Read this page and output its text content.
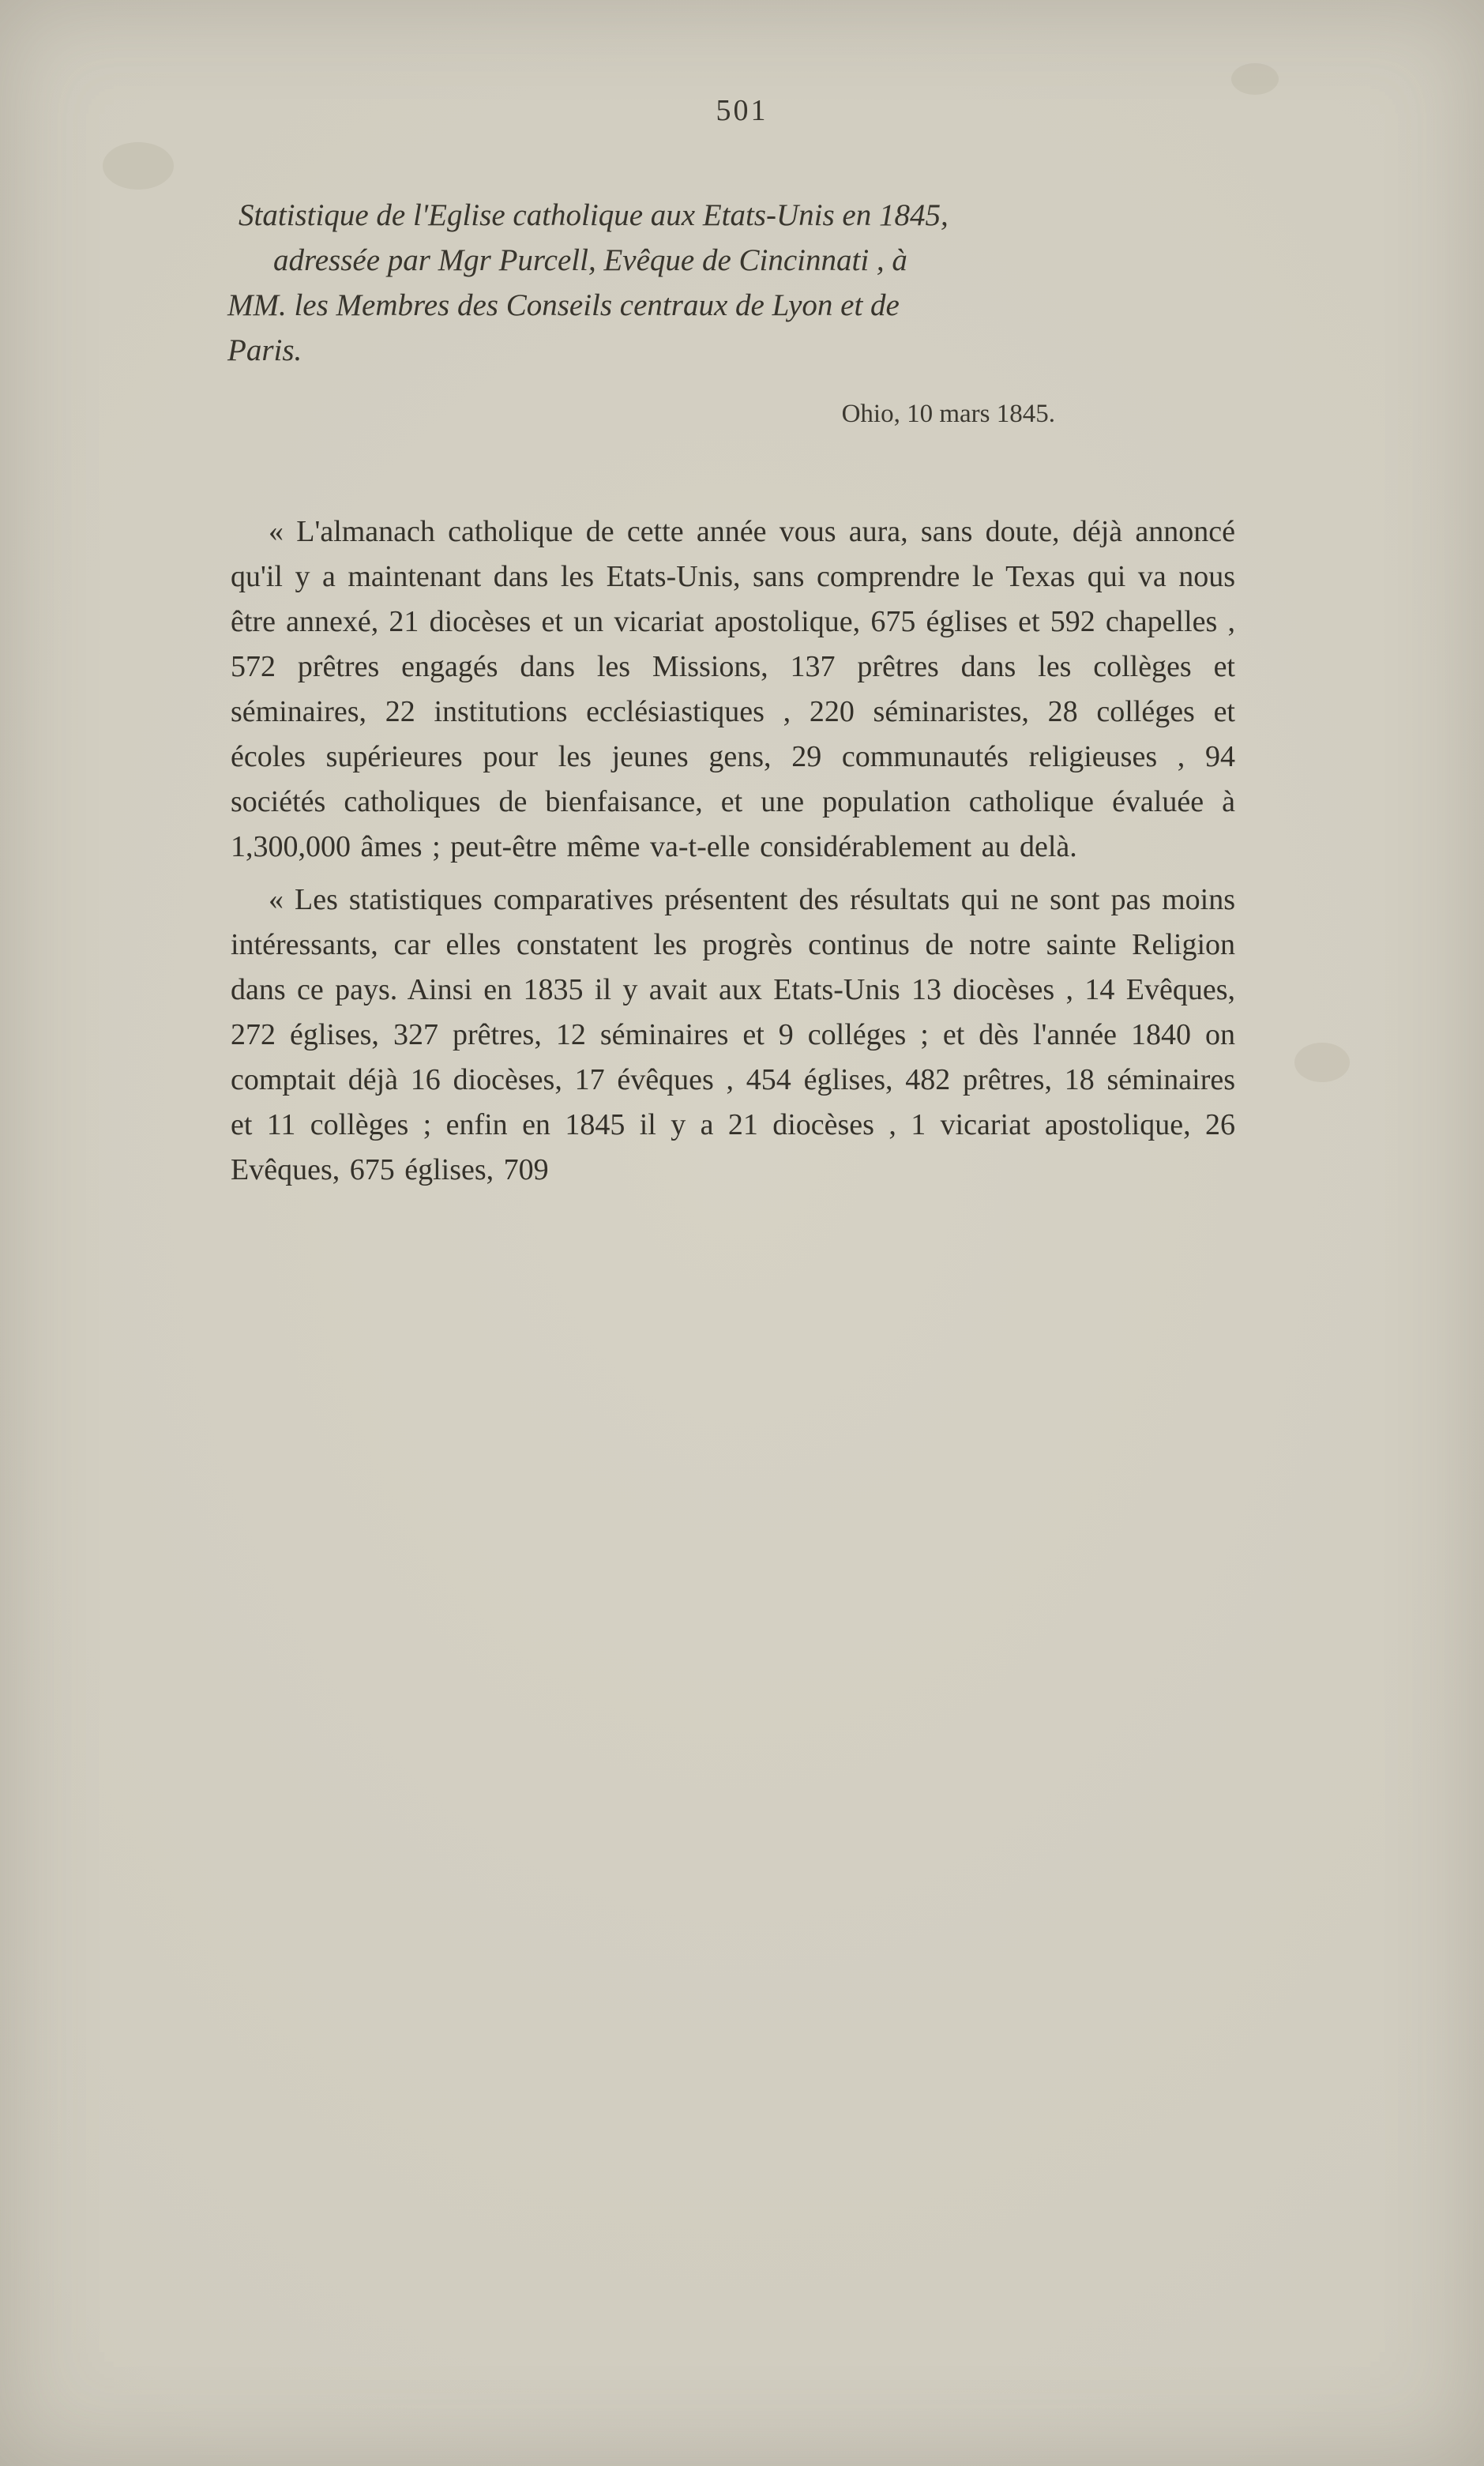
501
Statistique de l'Eglise catholique aux Etats-Unis en 1845,
adressée par Mgr Purcell, Evêque de Cincinnati , à
MM. les Membres des Conseils centraux de Lyon et de
Paris.
Ohio, 10 mars 1845.

« L'almanach catholique de cette année vous aura, sans doute, déjà annoncé qu'il y a maintenant dans les Etats-Unis, sans comprendre le Texas qui va nous être annexé, 21 diocèses et un vicariat apostolique, 675 églises et 592 chapelles , 572 prêtres engagés dans les Missions, 137 prêtres dans les collèges et séminaires, 22 institutions ecclésiastiques , 220 séminaristes, 28 colléges et écoles supérieures pour les jeunes gens, 29 communautés religieuses , 94 sociétés catholiques de bienfaisance, et une population catholique évaluée à 1,300,000 âmes ; peut-être même va-t-elle considérablement au delà.

« Les statistiques comparatives présentent des résultats qui ne sont pas moins intéressants, car elles constatent les progrès continus de notre sainte Religion dans ce pays. Ainsi en 1835 il y avait aux Etats-Unis 13 diocèses , 14 Evêques, 272 églises, 327 prêtres, 12 séminaires et 9 colléges ; et dès l'année 1840 on comptait déjà 16 diocèses, 17 évêques , 454 églises, 482 prêtres, 18 séminaires et 11 collèges ; enfin en 1845 il y a 21 diocèses , 1 vicariat apostolique, 26 Evêques, 675 églises, 709
